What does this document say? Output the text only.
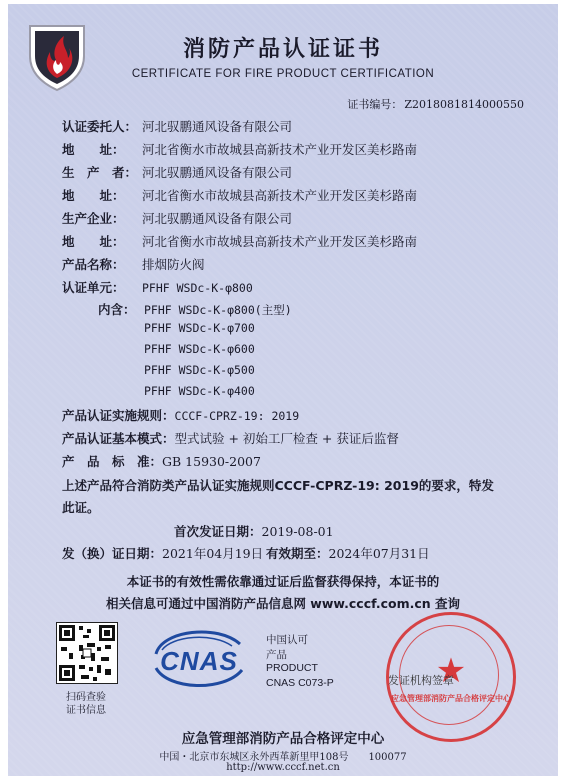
消防产品认证证书
CERTIFICATE FOR FIRE PRODUCT CERTIFICATION
证书编号： Z2018081814000550
认证委托人： 河北驭鹏通风设备有限公司
地　　址： 河北省衡水市故城县高新技术产业开发区美杉路南
生　产　者： 河北驭鹏通风设备有限公司
地　　址： 河北省衡水市故城县高新技术产业开发区美杉路南
生产企业： 河北驭鹏通风设备有限公司
地　　址： 河北省衡水市故城县高新技术产业开发区美杉路南
产品名称： 排烟防火阀
认证单元： PFHF WSDc-K-φ800
内含： PFHF WSDc-K-φ800(主型)
PFHF WSDc-K-φ700
PFHF WSDc-K-φ600
PFHF WSDc-K-φ500
PFHF WSDc-K-φ400
产品认证实施规则：CCCF-CPRZ-19: 2019
产品认证基本模式：型式试验 + 初始工厂检查 + 获证后监督
产　品　标　准：GB 15930-2007
上述产品符合消防类产品认证实施规则CCCF-CPRZ-19: 2019的要求，特发
此证。
首次发证日期：2019-08-01
发（换）证日期：2021年04月19日 有效期至：2024年07月31日
本证书的有效性需依靠通过证后监督获得保持，本证书的
相关信息可通过中国消防产品信息网 www.cccf.com.cn 查询
扫码查验
证书信息
CNAS
中国认可
产品
PRODUCT
CNAS C073-P	★
应急管理部消防产品合格评定中心
发证机构签章
应急管理部消防产品合格评定中心
中国・北京市东城区永外西革新里甲108号　　100077
http://www.cccf.net.cn
